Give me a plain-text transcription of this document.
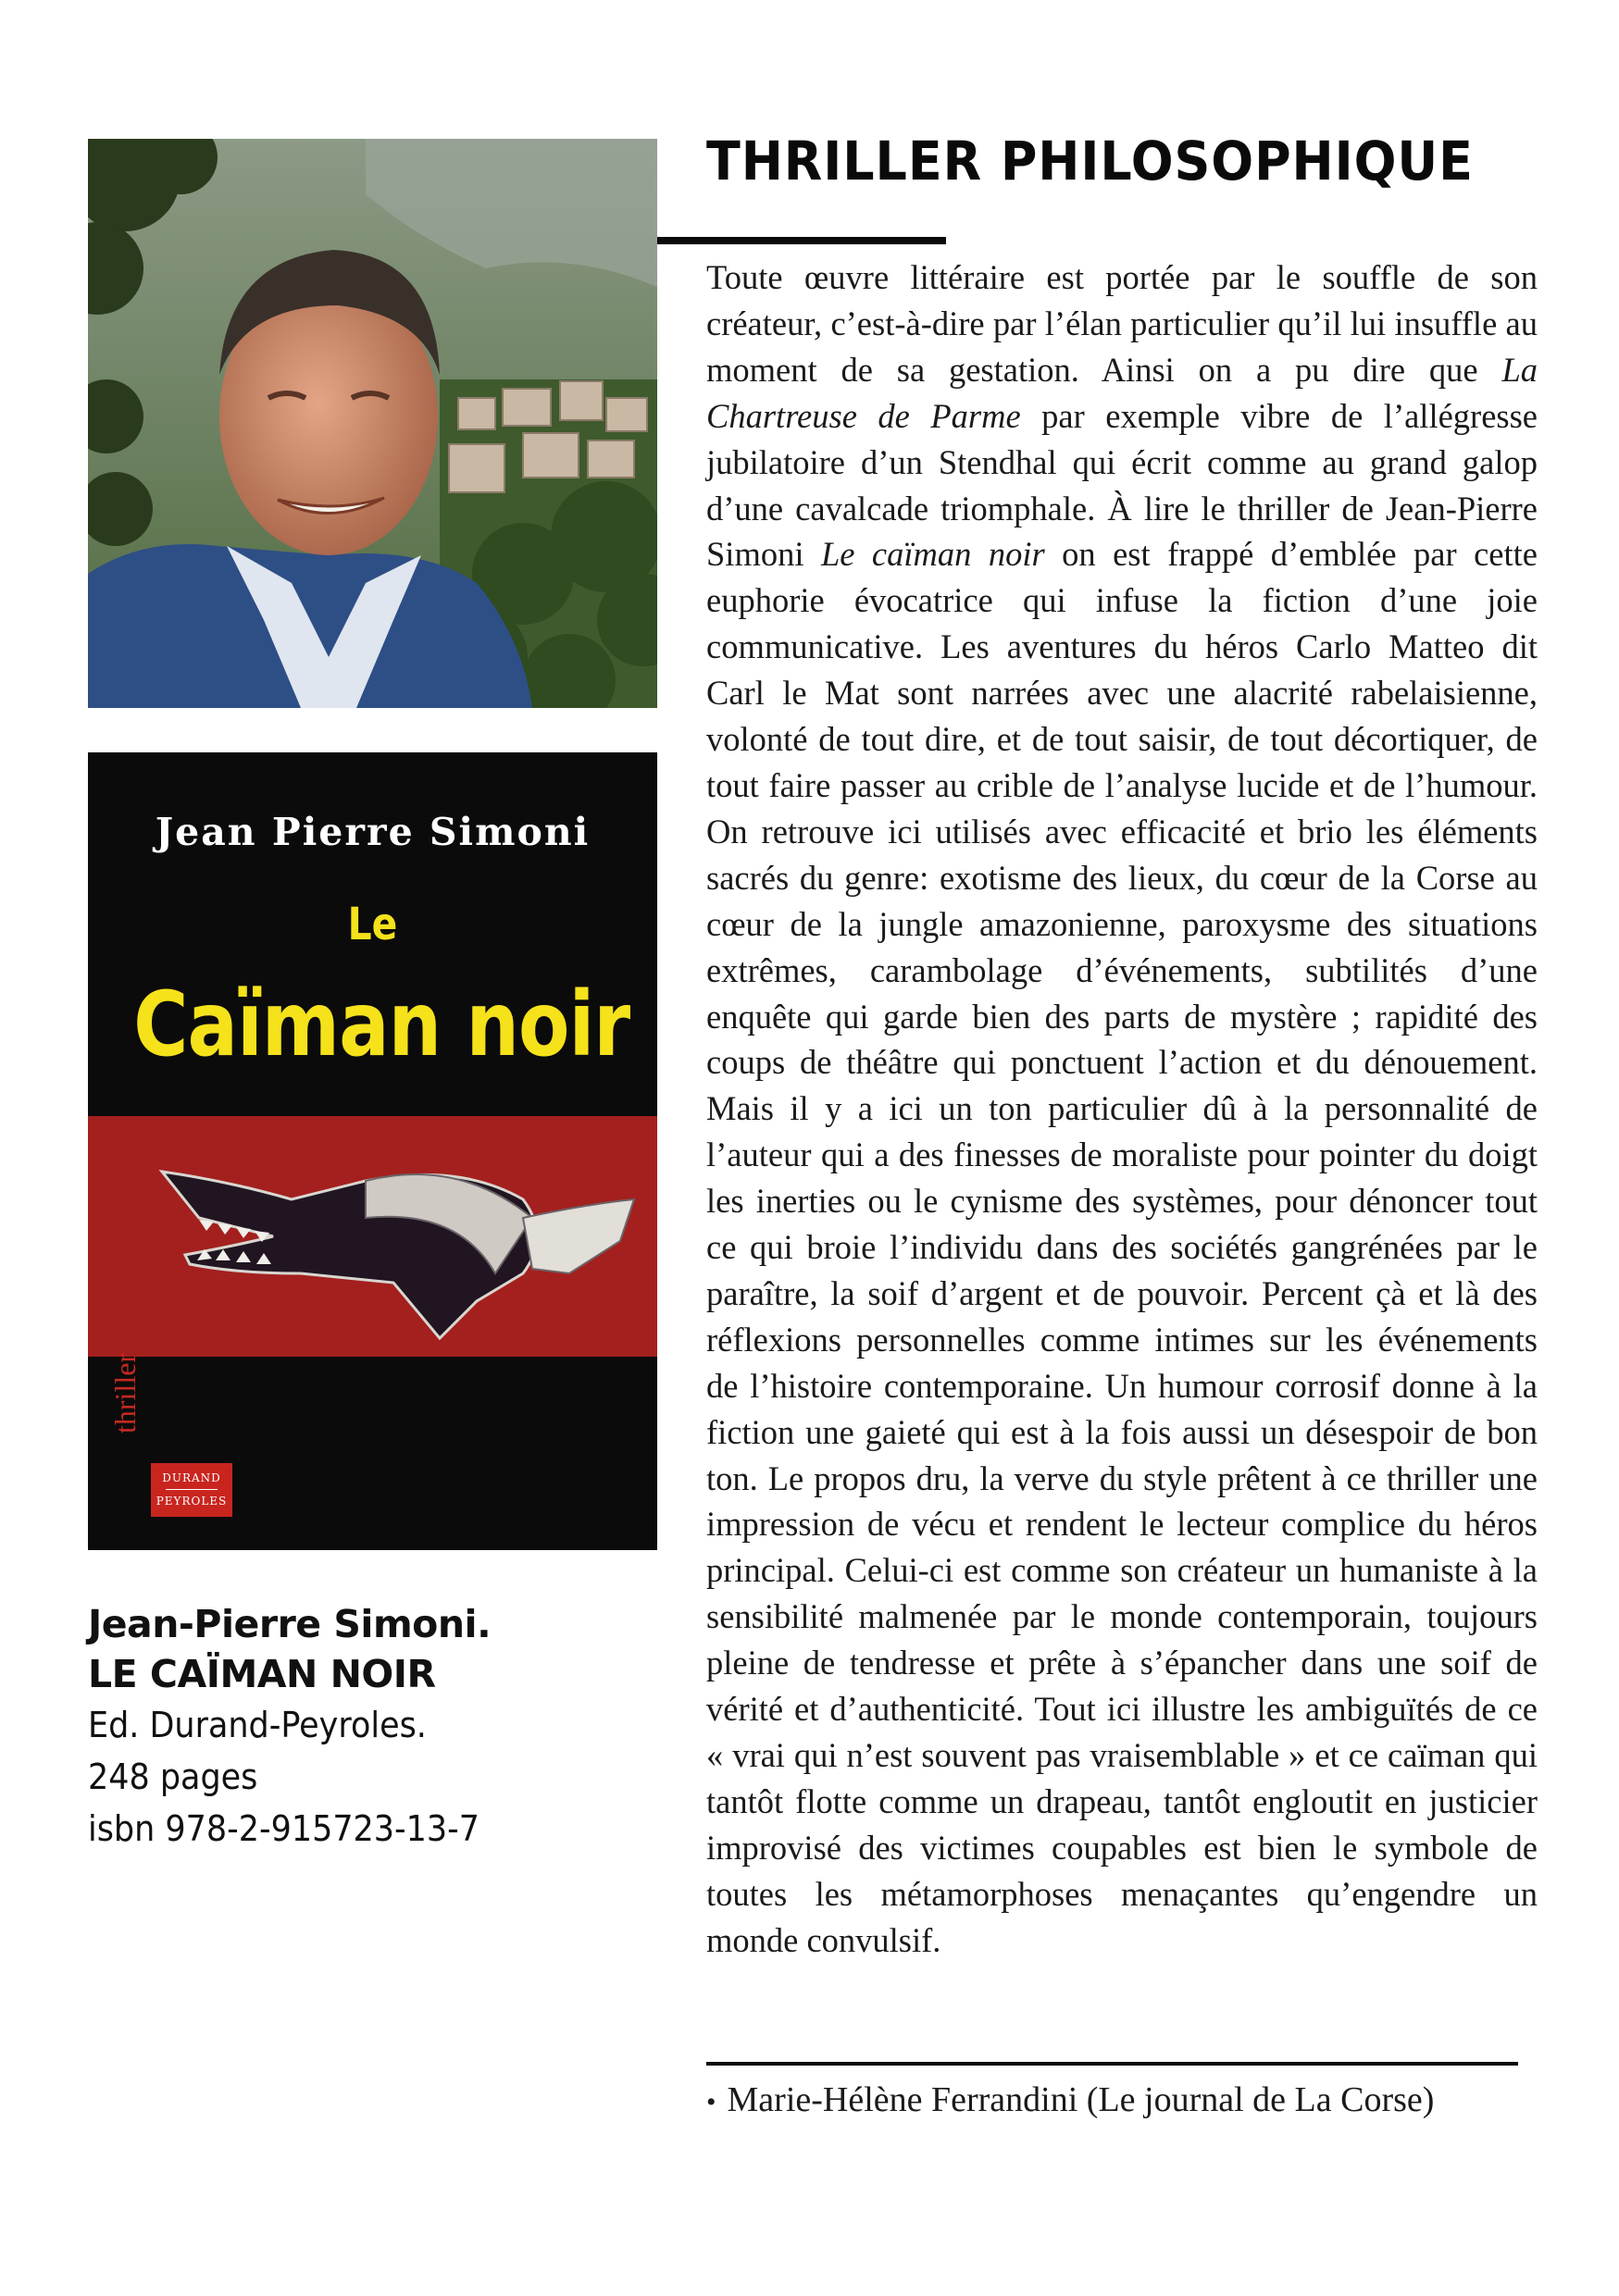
Jean Pierre Simoni
Le
Caïman noir
thriller
DURAND
PEYROLES
Jean-Pierre Simoni.
LE CAÏMAN NOIR
Ed. Durand-Peyroles.
248 pages
isbn 978-2-915723-13-7
THRILLER PHILOSOPHIQUE

Toute œuvre littéraire est portée par le souffle de son créateur, c’est-à-dire par l’élan particulier qu’il lui insuffle au moment de sa gestation. Ainsi on a pu dire que La Chartreuse de Parme par exemple vibre de l’allégresse jubilatoire d’un Stendhal qui écrit comme au grand galop d’une cavalcade triomphale. À lire le thriller de Jean-Pierre Simoni Le caïman noir on est frappé d’emblée par cette euphorie évocatrice qui infuse la fiction d’une joie communicative. Les aventures du héros Carlo Matteo dit Carl le Mat sont narrées avec une alacrité rabelaisienne, volonté de tout dire, et de tout saisir, de tout décortiquer, de tout faire passer au crible de l’analyse lucide et de l’humour. On retrouve ici utilisés avec efficacité et brio les éléments sacrés du genre: exotisme des lieux, du cœur de la Corse au cœur de la jungle amazonienne, paroxysme des situations extrêmes, carambolage d’événements, subtilités d’une enquête qui garde bien des parts de mystère ; rapidité des coups de théâtre qui ponctuent l’action et du dénouement. Mais il y a ici un ton particulier dû à la personnalité de l’auteur qui a des finesses de moraliste pour pointer du doigt les inerties ou le cynisme des systèmes, pour dénoncer tout ce qui broie l’individu dans des sociétés gangrénées par le paraître, la soif d’argent et de pouvoir. Percent çà et là des réflexions personnelles comme intimes sur les événements de l’histoire contemporaine. Un humour corrosif donne à la fiction une gaieté qui est à la fois aussi un désespoir de bon ton. Le propos dru, la verve du style prêtent à ce thriller une impression de vécu et rendent le lecteur complice du héros principal. Celui-ci est comme son créateur un humaniste à la sensibilité malmenée par le monde contemporain, toujours pleine de tendresse et prête à s’épancher dans une soif de vérité et d’authenticité. Tout ici illustre les ambiguïtés de ce « vrai qui n’est souvent pas vraisemblable » et ce caïman qui tantôt flotte comme un drapeau, tantôt engloutit en justicier improvisé des victimes coupables est bien le symbole de toutes les métamorphoses menaçantes qu’engendre un monde convulsif.

• Marie-Hélène Ferrandini (Le journal de La Corse)
